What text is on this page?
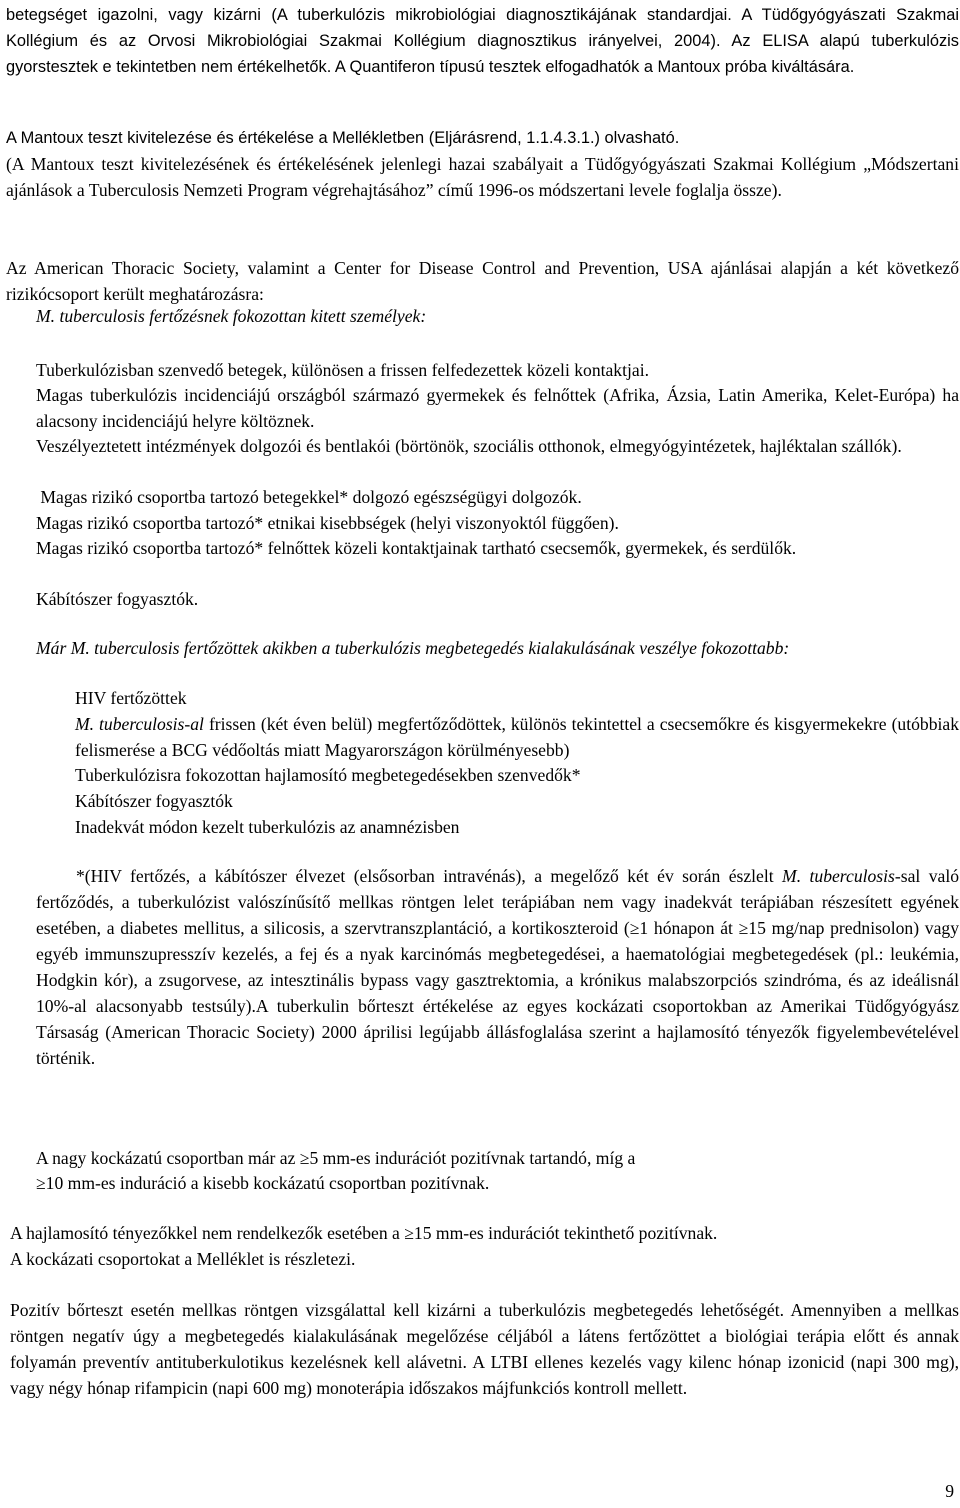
betegséget igazolni, vagy kizárni (A tuberkulózis mikrobiológiai diagnosztikájának standardjai. A Tüdőgyógyászati Szakmai Kollégium és az Orvosi Mikrobiológiai Szakmai Kollégium diagnosztikus irányelvei, 2004). Az ELISA alapú tuberkulózis gyorstesztek e tekintetben nem értékelhetők. A Quantiferon típusú tesztek elfogadhatók a Mantoux próba kiváltására.

A Mantoux teszt kivitelezése és értékelése a Mellékletben (Eljárásrend, 1.1.4.3.1.) olvasható.

(A Mantoux teszt kivitelezésének és értékelésének jelenlegi hazai szabályait a Tüdőgyógyászati Szakmai Kollégium „Módszertani ajánlások a Tuberculosis Nemzeti Program végrehajtásához” című 1996-os módszertani levele foglalja össze).

Az American Thoracic Society, valamint a Center for Disease Control and Prevention, USA ajánlásai alapján a két következő rizikócsoport került meghatározásra:

M. tuberculosis fertőzésnek fokozottan kitett személyek:

Tuberkulózisban szenvedő betegek, különösen a frissen felfedezettek közeli kontaktjai.

Magas tuberkulózis incidenciájú országból származó gyermekek és felnőttek (Afrika, Ázsia, Latin Amerika, Kelet-Európa) ha alacsony incidenciájú helyre költöznek.

Veszélyeztetett intézmények dolgozói és bentlakói (börtönök, szociális otthonok, elmegyógyintézetek, hajléktalan szállók).

Magas rizikó csoportba tartozó betegekkel* dolgozó egészségügyi dolgozók.

Magas rizikó csoportba tartozó* etnikai kisebbségek (helyi viszonyoktól függően).

Magas rizikó csoportba tartozó* felnőttek közeli kontaktjainak tartható csecsemők, gyermekek, és serdülők.

Kábítószer fogyasztók.

Már M. tuberculosis fertőzöttek akikben a tuberkulózis megbetegedés kialakulásának veszélye fokozottabb:

HIV fertőzöttek

M. tuberculosis-al frissen (két éven belül) megfertőződöttek, különös tekintettel a csecsemőkre és kisgyermekekre (utóbbiak felismerése a BCG védőoltás miatt Magyarországon körülményesebb)

Tuberkulózisra fokozottan hajlamosító megbetegedésekben szenvedők*

Kábítószer fogyasztók

Inadekvát módon kezelt tuberkulózis az anamnézisben

*(HIV fertőzés, a kábítószer élvezet (elsősorban intravénás), a megelőző két év során észlelt M. tuberculosis-sal való fertőződés, a tuberkulózist valószínűsítő mellkas röntgen lelet terápiában nem vagy inadekvát terápiában részesített egyének esetében, a diabetes mellitus, a silicosis, a szervtranszplantáció, a kortikoszteroid (≥1 hónapon át ≥15 mg/nap prednisolon) vagy egyéb immunszupresszív kezelés, a fej és a nyak karcinómás megbetegedései, a haematológiai megbetegedések (pl.: leukémia, Hodgkin kór), a zsugorvese, az intesztinális bypass vagy gasztrektomia, a krónikus malabszorpciós szindróma, és az ideálisnál 10%-al alacsonyabb testsúly).A tuberkulin bőrteszt értékelése az egyes kockázati csoportokban az Amerikai Tüdőgyógyász Társaság (American Thoracic Society) 2000 áprilisi legújabb állásfoglalása szerint a hajlamosító tényezők figyelembevételével történik.

A nagy kockázatú csoportban már az ≥5 mm-es indurációt pozitívnak tartandó, míg a

≥10 mm-es induráció a kisebb kockázatú csoportban pozitívnak.

A hajlamosító tényezőkkel nem rendelkezők esetében a ≥15 mm-es indurációt tekinthető pozitívnak.

A kockázati csoportokat a Melléklet is részletezi.

Pozitív bőrteszt esetén mellkas röntgen vizsgálattal kell kizárni a tuberkulózis megbetegedés lehetőségét. Amennyiben a mellkas röntgen negatív úgy a megbetegedés kialakulásának megelőzése céljából a látens fertőzöttet a biológiai terápia előtt és annak folyamán preventív antituberkulotikus kezelésnek kell alávetni. A LTBI ellenes kezelés vagy kilenc hónap izonicid (napi 300 mg), vagy négy hónap rifampicin (napi 600 mg) monoterápia időszakos májfunkciós kontroll mellett.

9
